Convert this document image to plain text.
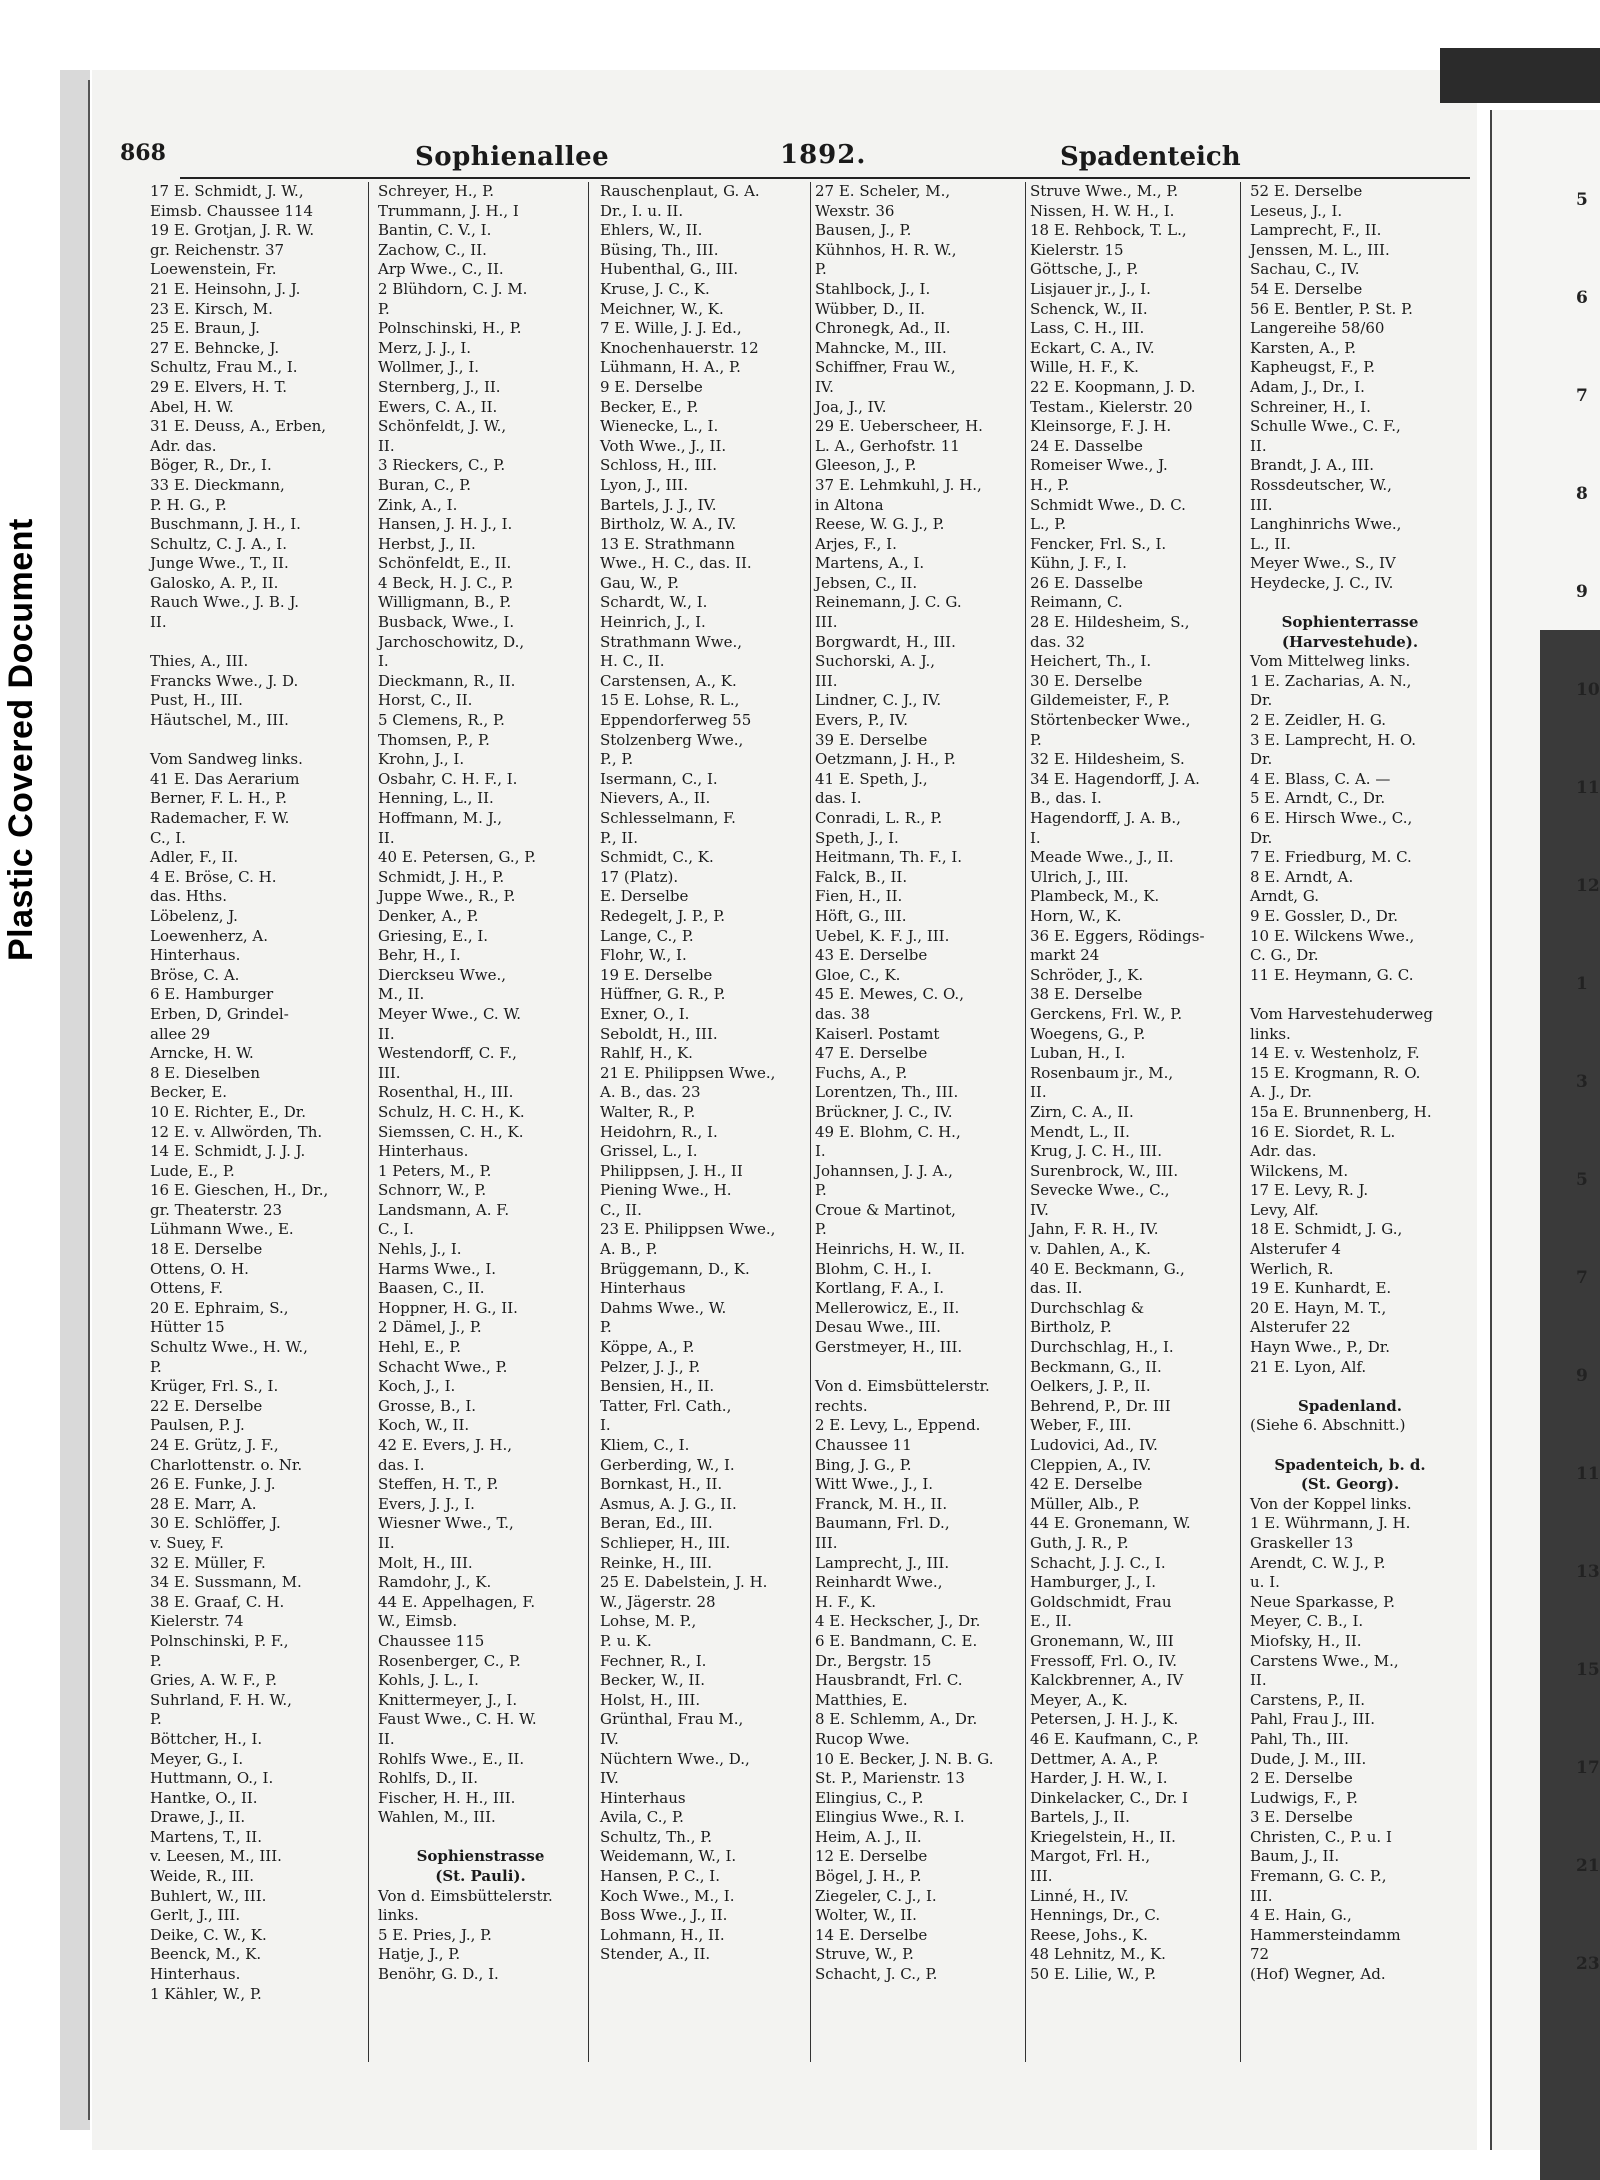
Plastic Covered Document
868	Sophienallee	1892.	Spadenteich
17 E. Schmidt, J. W.,
Eimsb. Chaussee 114
19 E. Grotjan, J. R. W.
gr. Reichenstr. 37
Loewenstein, Fr.
21 E. Heinsohn, J. J.
23 E. Kirsch, M.
25 E. Braun, J.
27 E. Behncke, J.
Schultz, Frau M., I.
29 E. Elvers, H. T.
Abel, H. W.
31 E. Deuss, A., Erben,
Adr. das.
Böger, R., Dr., I.
33 E. Dieckmann,
P. H. G., P.
Buschmann, J. H., I.
Schultz, C. J. A., I.
Junge Wwe., T., II.
Galosko, A. P., II.
Rauch Wwe., J. B. J.
II.

Thies, A., III.
Francks Wwe., J. D.
Pust, H., III.
Häutschel, M., III.

Vom Sandweg links.
41 E. Das Aerarium
Berner, F. L. H., P.
Rademacher, F. W.
C., I.
Adler, F., II.
4 E. Bröse, C. H.
das. Hths.
Löbelenz, J.
Loewenherz, A.
Hinterhaus.
Bröse, C. A.
6 E. Hamburger
Erben, D, Grindel-
allee 29
Arncke, H. W.
8 E. Dieselben
Becker, E.
10 E. Richter, E., Dr.
12 E. v. Allwörden, Th.
14 E. Schmidt, J. J. J.
Lude, E., P.
16 E. Gieschen, H., Dr.,
gr. Theaterstr. 23
Lühmann Wwe., E.
18 E. Derselbe
Ottens, O. H.
Ottens, F.
20 E. Ephraim, S.,
Hütter 15
Schultz Wwe., H. W.,
P.
Krüger, Frl. S., I.
22 E. Derselbe
Paulsen, P. J.
24 E. Grütz, J. F.,
Charlottenstr. o. Nr.
26 E. Funke, J. J.
28 E. Marr, A.
30 E. Schlöffer, J.
v. Suey, F.
32 E. Müller, F.
34 E. Sussmann, M.
38 E. Graaf, C. H.
Kielerstr. 74
Polnschinski, P. F.,
P.
Gries, A. W. F., P.
Suhrland, F. H. W.,
P.
Böttcher, H., I.
Meyer, G., I.
Huttmann, O., I.
Hantke, O., II.
Drawe, J., II.
Martens, T., II.
v. Leesen, M., III.
Weide, R., III.
Buhlert, W., III.
Gerlt, J., III.
Deike, C. W., K.
Beenck, M., K.
Hinterhaus.
1 Kähler, W., P.
Schreyer, H., P.
Trummann, J. H., I
Bantin, C. V., I.
Zachow, C., II.
Arp Wwe., C., II.
2 Blühdorn, C. J. M.
P.
Polnschinski, H., P.
Merz, J. J., I.
Wollmer, J., I.
Sternberg, J., II.
Ewers, C. A., II.
Schönfeldt, J. W.,
II.
3 Rieckers, C., P.
Buran, C., P.
Zink, A., I.
Hansen, J. H. J., I.
Herbst, J., II.
Schönfeldt, E., II.
4 Beck, H. J. C., P.
Willigmann, B., P.
Busback, Wwe., I.
Jarchoschowitz, D.,
I.
Dieckmann, R., II.
Horst, C., II.
5 Clemens, R., P.
Thomsen, P., P.
Krohn, J., I.
Osbahr, C. H. F., I.
Henning, L., II.
Hoffmann, M. J.,
II.
40 E. Petersen, G., P.
Schmidt, J. H., P.
Juppe Wwe., R., P.
Denker, A., P.
Griesing, E., I.
Behr, H., I.
Dierckseu Wwe.,
M., II.
Meyer Wwe., C. W.
II.
Westendorff, C. F.,
III.
Rosenthal, H., III.
Schulz, H. C. H., K.
Siemssen, C. H., K.
Hinterhaus.
1 Peters, M., P.
Schnorr, W., P.
Landsmann, A. F.
C., I.
Nehls, J., I.
Harms Wwe., I.
Baasen, C., II.
Hoppner, H. G., II.
2 Dämel, J., P.
Hehl, E., P.
Schacht Wwe., P.
Koch, J., I.
Grosse, B., I.
Koch, W., II.
42 E. Evers, J. H.,
das. I.
Steffen, H. T., P.
Evers, J. J., I.
Wiesner Wwe., T.,
II.
Molt, H., III.
Ramdohr, J., K.
44 E. Appelhagen, F.
W., Eimsb.
Chaussee 115
Rosenberger, C., P.
Kohls, J. L., I.
Knittermeyer, J., I.
Faust Wwe., C. H. W.
II.
Rohlfs Wwe., E., II.
Rohlfs, D., II.
Fischer, H. H., III.
Wahlen, M., III.

Sophienstrasse
(St. Pauli).
Von d. Eimsbüttelerstr.
links.
5 E. Pries, J., P.
Hatje, J., P.
Benöhr, G. D., I.
Rauschenplaut, G. A.
Dr., I. u. II.
Ehlers, W., II.
Büsing, Th., III.
Hubenthal, G., III.
Kruse, J. C., K.
Meichner, W., K.
7 E. Wille, J. J. Ed.,
Knochenhauerstr. 12
Lühmann, H. A., P.
9 E. Derselbe
Becker, E., P.
Wienecke, L., I.
Voth Wwe., J., II.
Schloss, H., III.
Lyon, J., III.
Bartels, J. J., IV.
Birtholz, W. A., IV.
13 E. Strathmann
Wwe., H. C., das. II.
Gau, W., P.
Schardt, W., I.
Heinrich, J., I.
Strathmann Wwe.,
H. C., II.
Carstensen, A., K.
15 E. Lohse, R. L.,
Eppendorferweg 55
Stolzenberg Wwe.,
P., P.
Isermann, C., I.
Nievers, A., II.
Schlesselmann, F.
P., II.
Schmidt, C., K.
17 (Platz).
E. Derselbe
Redegelt, J. P., P.
Lange, C., P.
Flohr, W., I.
19 E. Derselbe
Hüffner, G. R., P.
Exner, O., I.
Seboldt, H., III.
Rahlf, H., K.
21 E. Philippsen Wwe.,
A. B., das. 23
Walter, R., P.
Heidohrn, R., I.
Grissel, L., I.
Philippsen, J. H., II
Piening Wwe., H.
C., II.
23 E. Philippsen Wwe.,
A. B., P.
Brüggemann, D., K.
Hinterhaus
Dahms Wwe., W.
P.
Köppe, A., P.
Pelzer, J. J., P.
Bensien, H., II.
Tatter, Frl. Cath.,
I.
Kliem, C., I.
Gerberding, W., I.
Bornkast, H., II.
Asmus, A. J. G., II.
Beran, Ed., III.
Schlieper, H., III.
Reinke, H., III.
25 E. Dabelstein, J. H.
W., Jägerstr. 28
Lohse, M. P.,
P. u. K.
Fechner, R., I.
Becker, W., II.
Holst, H., III.
Grünthal, Frau M.,
IV.
Nüchtern Wwe., D.,
IV.
Hinterhaus
Avila, C., P.
Schultz, Th., P.
Weidemann, W., I.
Hansen, P. C., I.
Koch Wwe., M., I.
Boss Wwe., J., II.
Lohmann, H., II.
Stender, A., II.
27 E. Scheler, M.,
Wexstr. 36
Bausen, J., P.
Kühnhos, H. R. W.,
P.
Stahlbock, J., I.
Wübber, D., II.
Chronegk, Ad., II.
Mahncke, M., III.
Schiffner, Frau W.,
IV.
Joa, J., IV.
29 E. Ueberscheer, H.
L. A., Gerhofstr. 11
Gleeson, J., P.
37 E. Lehmkuhl, J. H.,
in Altona
Reese, W. G. J., P.
Arjes, F., I.
Martens, A., I.
Jebsen, C., II.
Reinemann, J. C. G.
III.
Borgwardt, H., III.
Suchorski, A. J.,
III.
Lindner, C. J., IV.
Evers, P., IV.
39 E. Derselbe
Oetzmann, J. H., P.
41 E. Speth, J.,
das. I.
Conradi, L. R., P.
Speth, J., I.
Heitmann, Th. F., I.
Falck, B., II.
Fien, H., II.
Höft, G., III.
Uebel, K. F. J., III.
43 E. Derselbe
Gloe, C., K.
45 E. Mewes, C. O.,
das. 38
Kaiserl. Postamt
47 E. Derselbe
Fuchs, A., P.
Lorentzen, Th., III.
Brückner, J. C., IV.
49 E. Blohm, C. H.,
I.
Johannsen, J. J. A.,
P.
Croue & Martinot,
P.
Heinrichs, H. W., II.
Blohm, C. H., I.
Kortlang, F. A., I.
Mellerowicz, E., II.
Desau Wwe., III.
Gerstmeyer, H., III.

Von d. Eimsbüttelerstr.
rechts.
2 E. Levy, L., Eppend.
Chaussee 11
Bing, J. G., P.
Witt Wwe., J., I.
Franck, M. H., II.
Baumann, Frl. D.,
III.
Lamprecht, J., III.
Reinhardt Wwe.,
H. F., K.
4 E. Heckscher, J., Dr.
6 E. Bandmann, C. E.
Dr., Bergstr. 15
Hausbrandt, Frl. C.
Matthies, E.
8 E. Schlemm, A., Dr.
Rucop Wwe.
10 E. Becker, J. N. B. G.
St. P., Marienstr. 13
Elingius, C., P.
Elingius Wwe., R. I.
Heim, A. J., II.
12 E. Derselbe
Bögel, J. H., P.
Ziegeler, C. J., I.
Wolter, W., II.
14 E. Derselbe
Struve, W., P.
Schacht, J. C., P.
Struve Wwe., M., P.
Nissen, H. W. H., I.
18 E. Rehbock, T. L.,
Kielerstr. 15
Göttsche, J., P.
Lisjauer jr., J., I.
Schenck, W., II.
Lass, C. H., III.
Eckart, C. A., IV.
Wille, H. F., K.
22 E. Koopmann, J. D.
Testam., Kielerstr. 20
Kleinsorge, F. J. H.
24 E. Dasselbe
Romeiser Wwe., J.
H., P.
Schmidt Wwe., D. C.
L., P.
Fencker, Frl. S., I.
Kühn, J. F., I.
26 E. Dasselbe
Reimann, C.
28 E. Hildesheim, S.,
das. 32
Heichert, Th., I.
30 E. Derselbe
Gildemeister, F., P.
Störtenbecker Wwe.,
P.
32 E. Hildesheim, S.
34 E. Hagendorff, J. A.
B., das. I.
Hagendorff, J. A. B.,
I.
Meade Wwe., J., II.
Ulrich, J., III.
Plambeck, M., K.
Horn, W., K.
36 E. Eggers, Rödings-
markt 24
Schröder, J., K.
38 E. Derselbe
Gerckens, Frl. W., P.
Woegens, G., P.
Luban, H., I.
Rosenbaum jr., M.,
II.
Zirn, C. A., II.
Mendt, L., II.
Krug, J. C. H., III.
Surenbrock, W., III.
Sevecke Wwe., C.,
IV.
Jahn, F. R. H., IV.
v. Dahlen, A., K.
40 E. Beckmann, G.,
das. II.
Durchschlag &
Birtholz, P.
Durchschlag, H., I.
Beckmann, G., II.
Oelkers, J. P., II.
Behrend, P., Dr. III
Weber, F., III.
Ludovici, Ad., IV.
Cleppien, A., IV.
42 E. Derselbe
Müller, Alb., P.
44 E. Gronemann, W.
Guth, J. R., P.
Schacht, J. J. C., I.
Hamburger, J., I.
Goldschmidt, Frau
E., II.
Gronemann, W., III
Fressoff, Frl. O., IV.
Kalckbrenner, A., IV
Meyer, A., K.
Petersen, J. H. J., K.
46 E. Kaufmann, C., P.
Dettmer, A. A., P.
Harder, J. H. W., I.
Dinkelacker, C., Dr. I
Bartels, J., II.
Kriegelstein, H., II.
Margot, Frl. H.,
III.
Linné, H., IV.
Hennings, Dr., C.
Reese, Johs., K.
48 Lehnitz, M., K.
50 E. Lilie, W., P.
52 E. Derselbe
Leseus, J., I.
Lamprecht, F., II.
Jenssen, M. L., III.
Sachau, C., IV.
54 E. Derselbe
56 E. Bentler, P. St. P.
Langereihe 58/60
Karsten, A., P.
Kapheugst, F., P.
Adam, J., Dr., I.
Schreiner, H., I.
Schulle Wwe., C. F.,
II.
Brandt, J. A., III.
Rossdeutscher, W.,
III.
Langhinrichs Wwe.,
L., II.
Meyer Wwe., S., IV
Heydecke, J. C., IV.

Sophienterrasse
(Harvestehude).
Vom Mittelweg links.
1 E. Zacharias, A. N.,
Dr.
2 E. Zeidler, H. G.
3 E. Lamprecht, H. O.
Dr.
4 E. Blass, C. A. —
5 E. Arndt, C., Dr.
6 E. Hirsch Wwe., C.,
Dr.
7 E. Friedburg, M. C.
8 E. Arndt, A.
Arndt, G.
9 E. Gossler, D., Dr.
10 E. Wilckens Wwe.,
C. G., Dr.
11 E. Heymann, G. C.

Vom Harvestehuderweg
links.
14 E. v. Westenholz, F.
15 E. Krogmann, R. O.
A. J., Dr.
15a E. Brunnenberg, H.
16 E. Siordet, R. L.
Adr. das.
Wilckens, M.
17 E. Levy, R. J.
Levy, Alf.
18 E. Schmidt, J. G.,
Alsterufer 4
Werlich, R.
19 E. Kunhardt, E.
20 E. Hayn, M. T.,
Alsterufer 22
Hayn Wwe., P., Dr.
21 E. Lyon, Alf.

Spadenland.
(Siehe 6. Abschnitt.)

Spadenteich, b. d.
(St. Georg).
Von der Koppel links.
1 E. Wührmann, J. H.
Graskeller 13
Arendt, C. W. J., P.
u. I.
Neue Sparkasse, P.
Meyer, C. B., I.
Miofsky, H., II.
Carstens Wwe., M.,
II.
Carstens, P., II.
Pahl, Frau J., III.
Pahl, Th., III.
Dude, J. M., III.
2 E. Derselbe
Ludwigs, F., P.
3 E. Derselbe
Christen, C., P. u. I
Baum, J., II.
Fremann, G. C. P.,
III.
4 E. Hain, G.,
Hammersteindamm
72
(Hof) Wegner, Ad.
5
6
7
8
9
10
11
12
1
3
5
7
9
11
13
15
17
21
23
